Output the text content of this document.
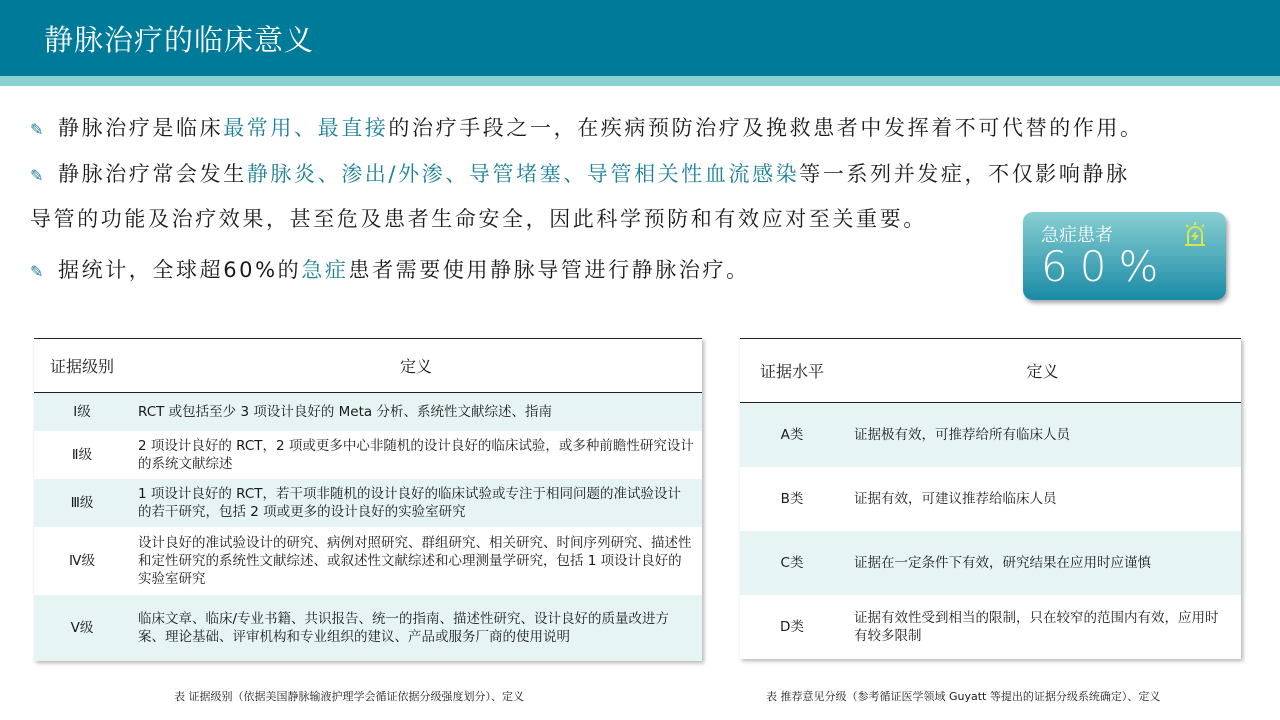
静脉治疗的临床意义
✎ 静脉治疗是临床最常用、最直接的治疗手段之一，在疾病预防治疗及挽救患者中发挥着不可代替的作用。
✎ 静脉治疗常会发生静脉炎、渗出/外渗、导管堵塞、导管相关性血流感染等一系列并发症，不仅影响静脉
导管的功能及治疗效果，甚至危及患者生命安全，因此科学预防和有效应对至关重要。
✎ 据统计，全球超60%的急症患者需要使用静脉导管进行静脉治疗。
急症患者
60%
证据级别	定义
Ⅰ级	RCT 或包括至少 3 项设计良好的 Meta 分析、系统性文献综述、指南
Ⅱ级	2 项设计良好的 RCT，2 项或更多中心非随机的设计良好的临床试验，或多种前瞻性研究设计的系统文献综述
Ⅲ级	1 项设计良好的 RCT，若干项非随机的设计良好的临床试验或专注于相同问题的准试验设计的若干研究，包括 2 项或更多的设计良好的实验室研究
Ⅳ级	设计良好的准试验设计的研究、病例对照研究、群组研究、相关研究、时间序列研究、描述性和定性研究的系统性文献综述、或叙述性文献综述和心理测量学研究，包括 1 项设计良好的实验室研究
Ⅴ级	临床文章、临床/专业书籍、共识报告、统一的指南、描述性研究、设计良好的质量改进方案、理论基础、评审机构和专业组织的建议、产品或服务厂商的使用说明
证据水平	定义
A类	证据极有效，可推荐给所有临床人员
B类	证据有效，可建议推荐给临床人员
C类	证据在一定条件下有效，研究结果在应用时应谨慎
D类	证据有效性受到相当的限制，只在较窄的范围内有效，应用时有较多限制
表 证据级别（依据美国静脉输液护理学会循证依据分级强度划分）、定义	表 推荐意见分级（参考循证医学领域 Guyatt 等提出的证据分级系统确定）、定义
